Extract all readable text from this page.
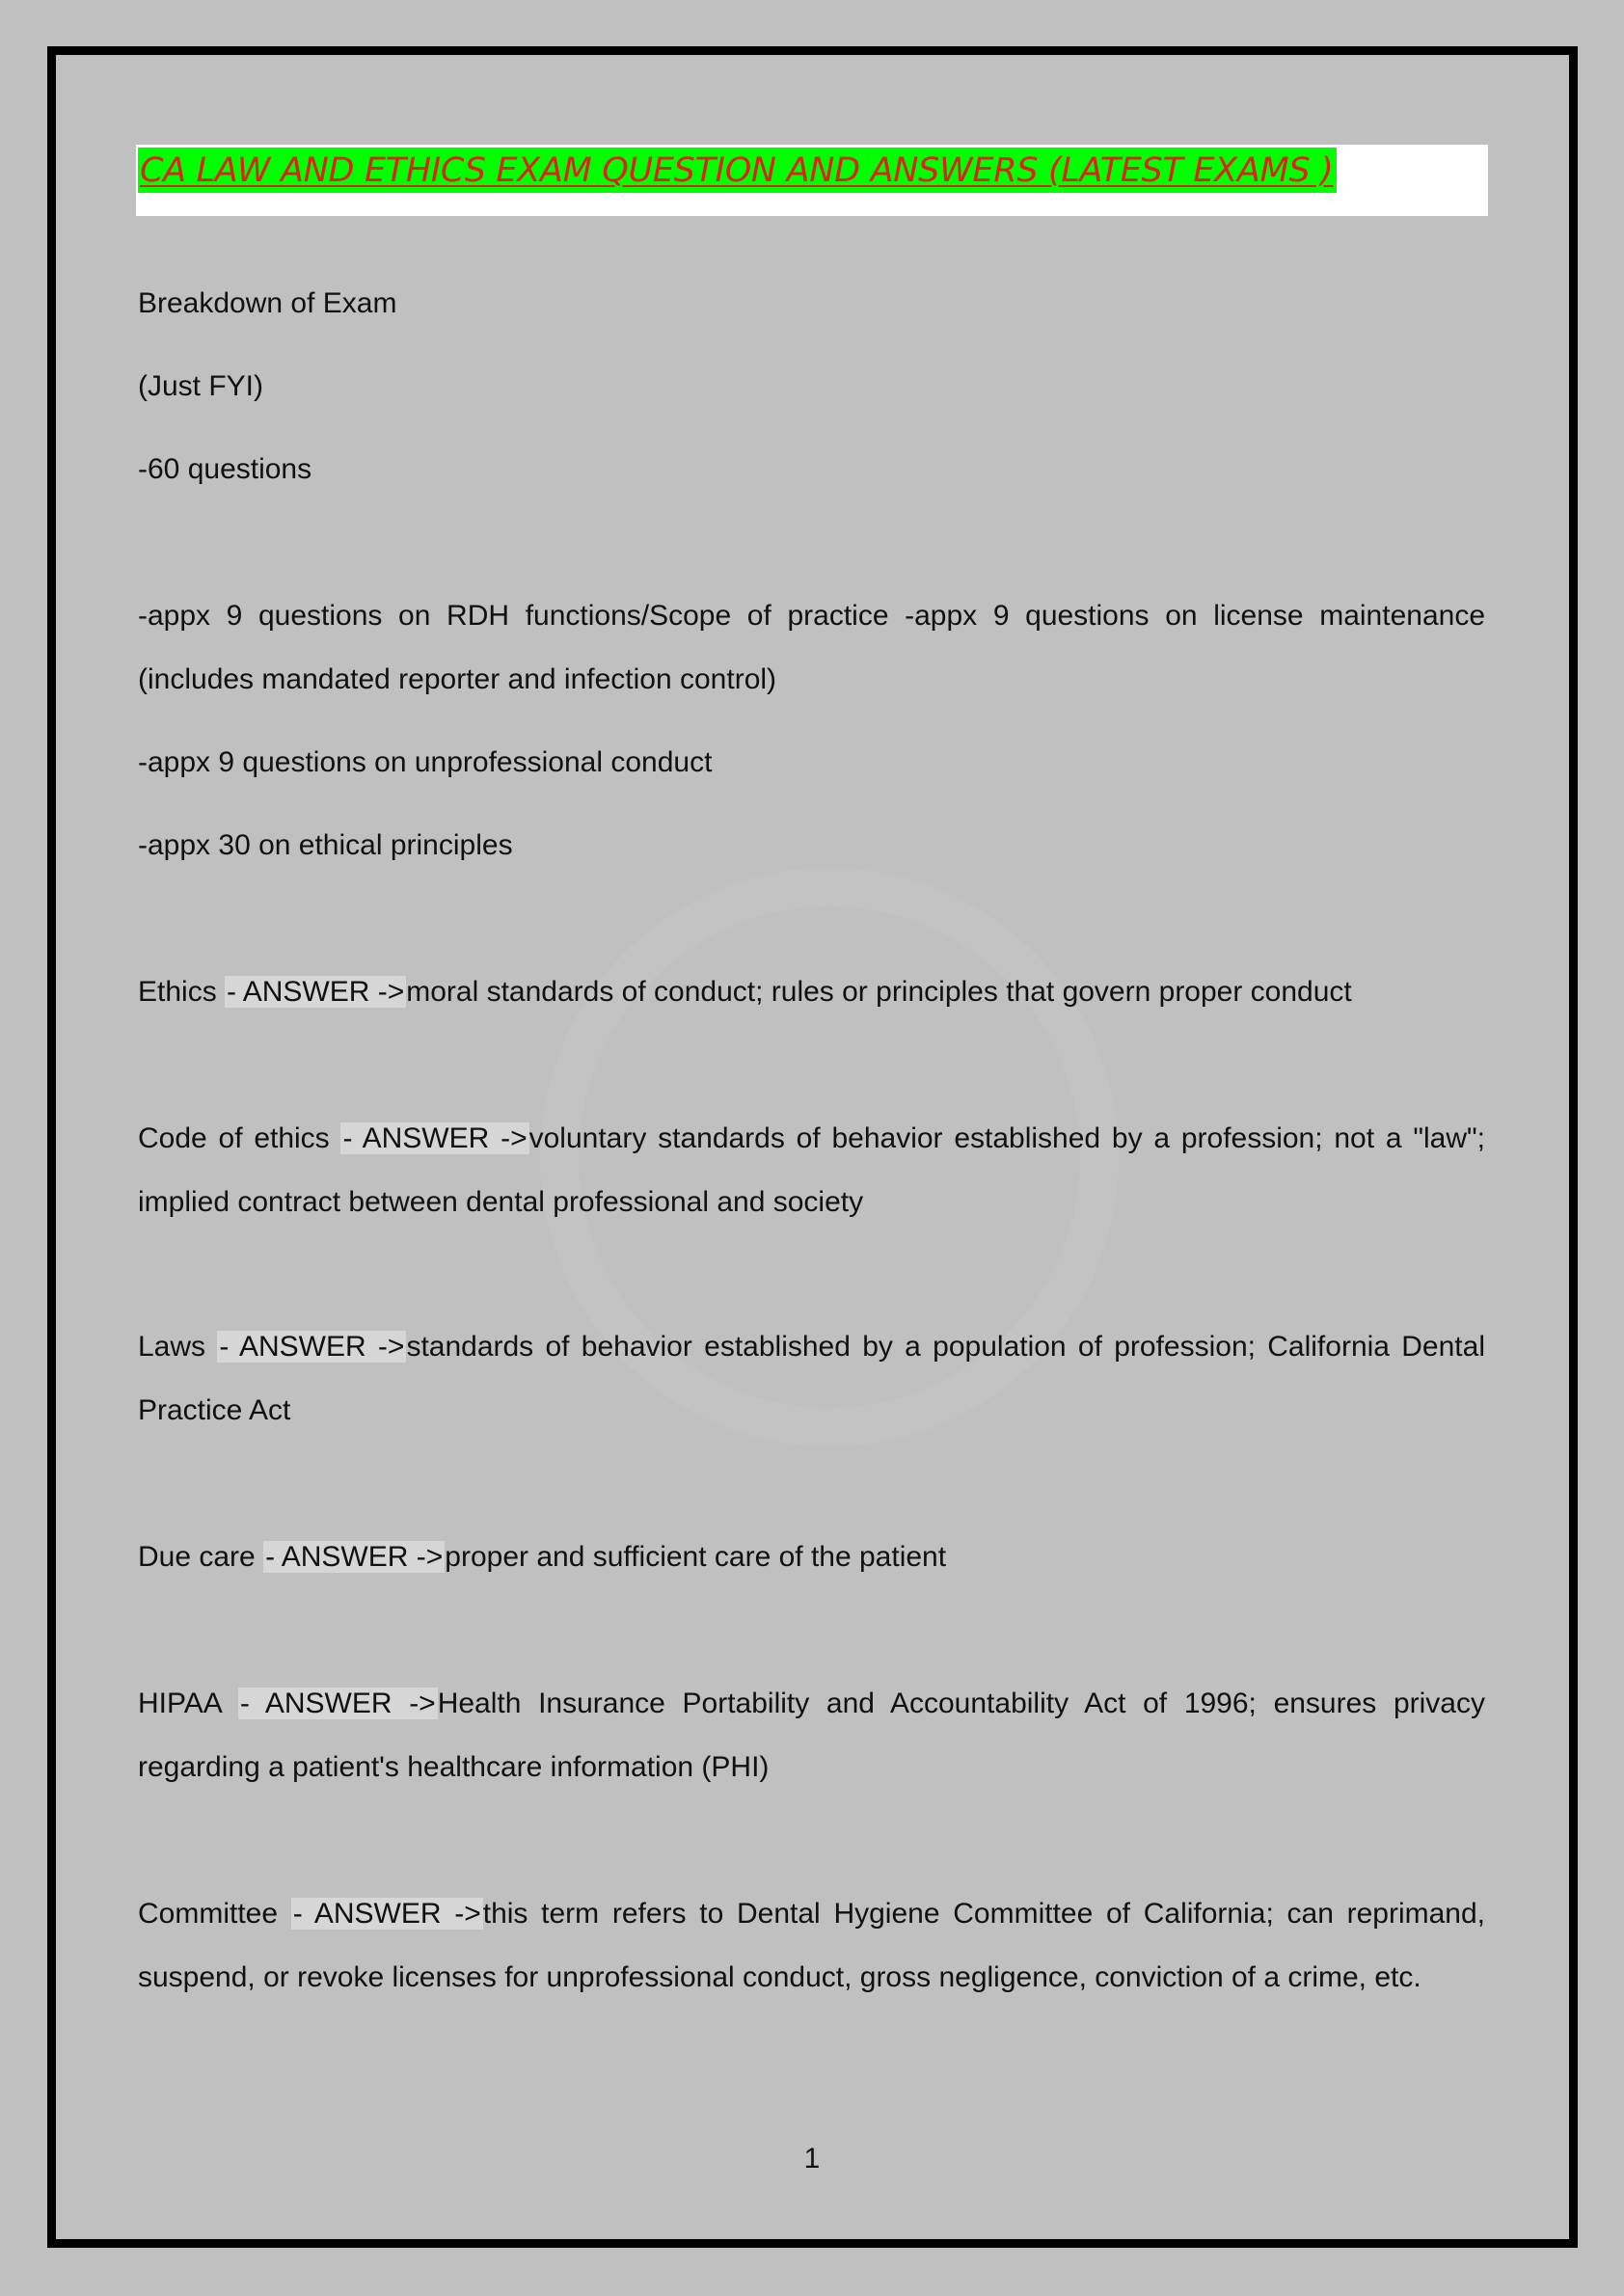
CA LAW AND ETHICS EXAM QUESTION AND ANSWERS (LATEST EXAMS )
Breakdown of Exam
(Just FYI)
-60 questions
-appx 9 questions on RDH functions/Scope of practice -appx 9 questions on license maintenance (includes mandated reporter and infection control)
-appx 9 questions on unprofessional conduct
-appx 30 on ethical principles
Ethics - ANSWER ->moral standards of conduct; rules or principles that govern proper conduct
Code of ethics - ANSWER ->voluntary standards of behavior established by a profession; not a "law"; implied contract between dental professional and society
Laws - ANSWER ->standards of behavior established by a population of profession; California Dental Practice Act
Due care - ANSWER ->proper and sufficient care of the patient
HIPAA - ANSWER ->Health Insurance Portability and Accountability Act of 1996; ensures privacy regarding a patient's healthcare information (PHI)
Committee - ANSWER ->this term refers to Dental Hygiene Committee of California; can reprimand, suspend, or revoke licenses for unprofessional conduct, gross negligence, conviction of a crime, etc.
1
